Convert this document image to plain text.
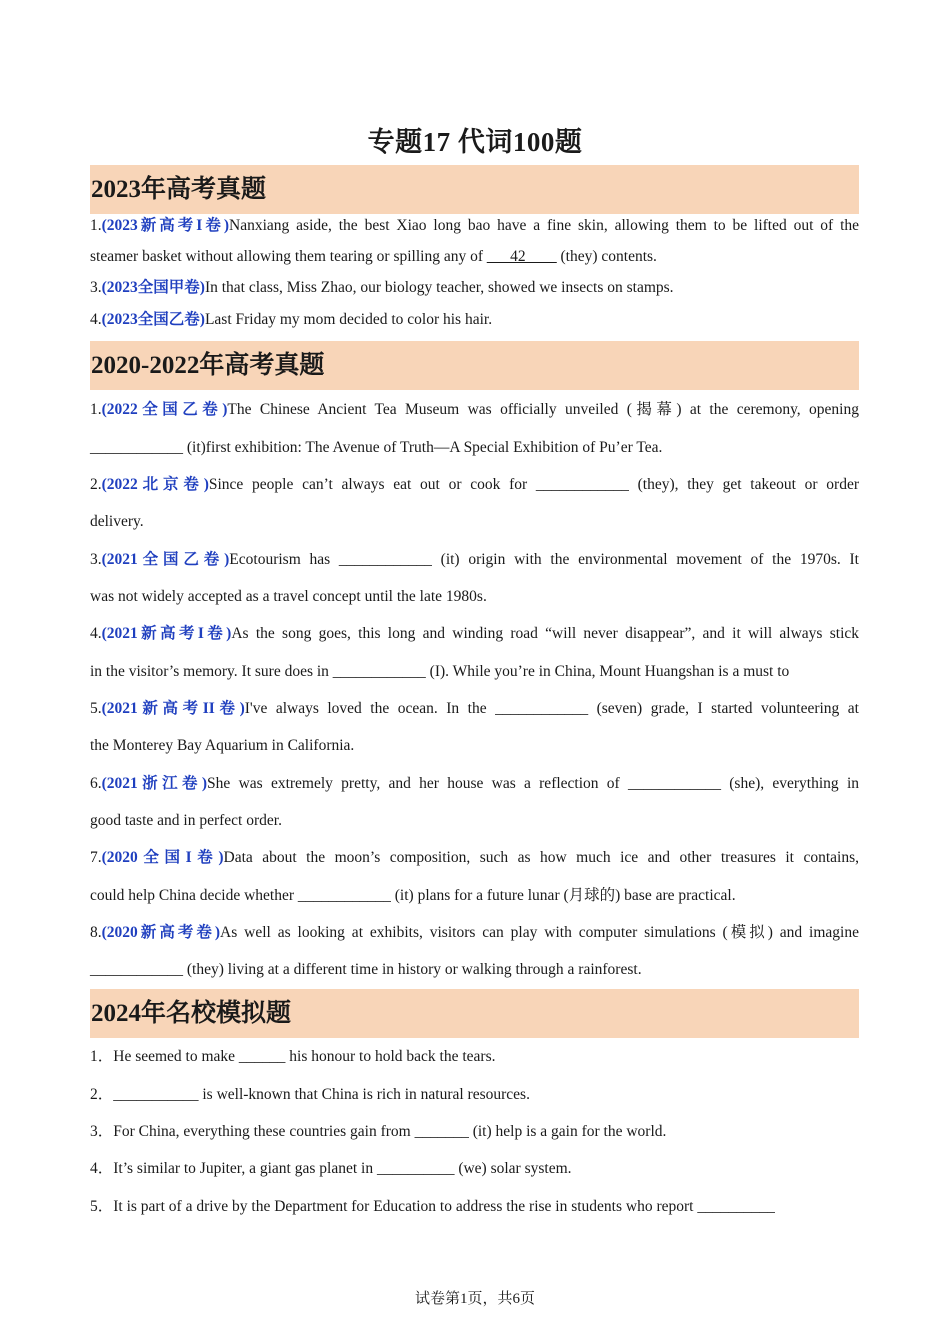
专题17 代词100题
2023年高考真题
1.(2023新高考I卷)Nanxiang aside, the best Xiao long bao have a fine skin, allowing them to be lifted out of the
steamer basket without allowing them tearing or spilling any of ___42____ (they) contents.
3.(2023全国甲卷)In that class, Miss Zhao, our biology teacher, showed we insects on stamps.
4.(2023全国乙卷)Last Friday my mom decided to color his hair.
2020-2022年高考真题
1.(2022全国乙卷)The Chinese Ancient Tea Museum was officially unveiled (揭幕) at the ceremony, opening
____________ (it)first exhibition: The Avenue of Truth—A Special Exhibition of Pu’er Tea.
2.(2022北京卷)Since people can’t always eat out or cook for ____________ (they), they get takeout or order
delivery.
3.(2021全国乙卷)Ecotourism has ____________ (it) origin with the environmental movement of the 1970s. It
was not widely accepted as a travel concept until the late 1980s.
4.(2021新高考I卷)As the song goes, this long and winding road “will never disappear”, and it will always stick
in the visitor’s memory. It sure does in ____________ (I). While you’re in China, Mount Huangshan is a must to
5.(2021新高考II卷)I've always loved the ocean. In the ____________ (seven) grade, I started volunteering at
the Monterey Bay Aquarium in California.
6.(2021浙江卷)She was extremely pretty, and her house was a reflection of ____________ (she), everything in
good taste and in perfect order.
7.(2020全国I卷)Data about the moon’s composition, such as how much ice and other treasures it contains,
could help China decide whether ____________ (it) plans for a future lunar (月球的) base are practical.
8.(2020新高考卷)As well as looking at exhibits, visitors can play with computer simulations (模拟) and imagine
____________ (they) living at a different time in history or walking through a rainforest.
2024年名校模拟题
1．He seemed to make ______ his honour to hold back the tears.
2．___________ is well-known that China is rich in natural resources.
3．For China, everything these countries gain from _______ (it) help is a gain for the world.
4．It’s similar to Jupiter, a giant gas planet in __________ (we) solar system.
5．It is part of a drive by the Department for Education to address the rise in students who report __________
试卷第1页，共6页
